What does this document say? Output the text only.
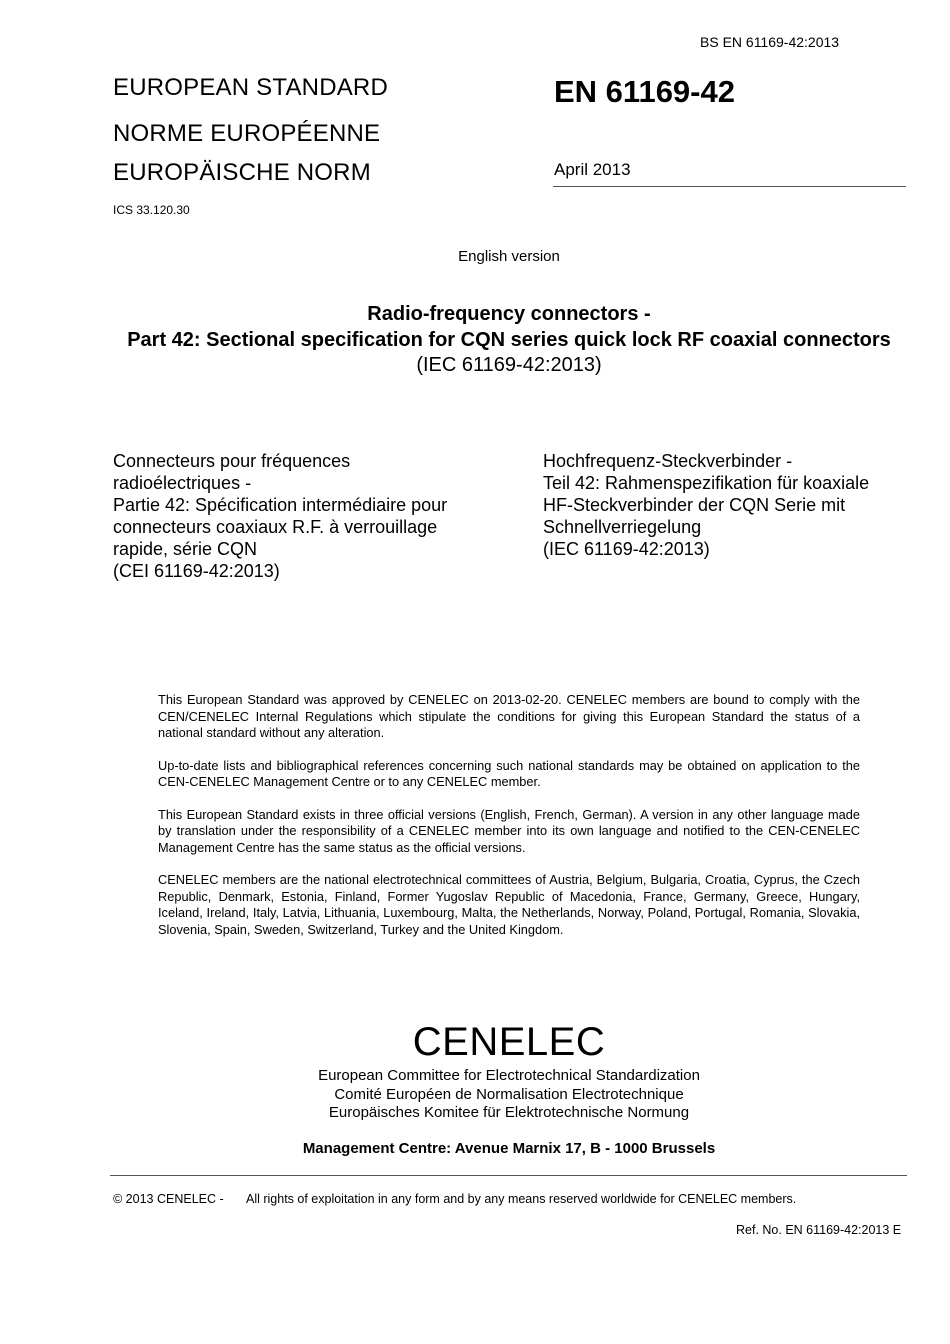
BS EN 61169-42:2013
EUROPEAN STANDARD
NORME EUROPÉENNE
EUROPÄISCHE NORM
EN 61169-42
April 2013
ICS 33.120.30
English version
Radio-frequency connectors -
Part 42: Sectional specification for CQN series quick lock RF coaxial connectors
(IEC 61169-42:2013)
Connecteurs pour fréquences
radioélectriques -
Partie 42: Spécification intermédiaire pour
connecteurs coaxiaux R.F. à verrouillage
rapide, série CQN
(CEI 61169-42:2013)
Hochfrequenz-Steckverbinder -
Teil 42: Rahmenspezifikation für koaxiale
HF-Steckverbinder der CQN Serie mit
Schnellverriegelung
(IEC 61169-42:2013)

This European Standard was approved by CENELEC on 2013-02-20. CENELEC members are bound to comply with the CEN/CENELEC Internal Regulations which stipulate the conditions for giving this European Standard the status of a national standard without any alteration.

Up-to-date lists and bibliographical references concerning such national standards may be obtained on application to the CEN-CENELEC Management Centre or to any CENELEC member.

This European Standard exists in three official versions (English, French, German). A version in any other language made by translation under the responsibility of a CENELEC member into its own language and notified to the CEN-CENELEC Management Centre has the same status as the official versions.

CENELEC members are the national electrotechnical committees of Austria, Belgium, Bulgaria, Croatia, Cyprus, the Czech Republic, Denmark, Estonia, Finland, Former Yugoslav Republic of Macedonia, France, Germany, Greece, Hungary, Iceland, Ireland, Italy, Latvia, Lithuania, Luxembourg, Malta, the Netherlands, Norway, Poland, Portugal, Romania, Slovakia, Slovenia, Spain, Sweden, Switzerland, Turkey and the United Kingdom.

CENELEC
European Committee for Electrotechnical Standardization
Comité Européen de Normalisation Electrotechnique
Europäisches Komitee für Elektrotechnische Normung
Management Centre: Avenue Marnix 17, B - 1000 Brussels
© 2013 CENELEC - All rights of exploitation in any form and by any means reserved worldwide for CENELEC members.
Ref. No. EN 61169-42:2013 E
